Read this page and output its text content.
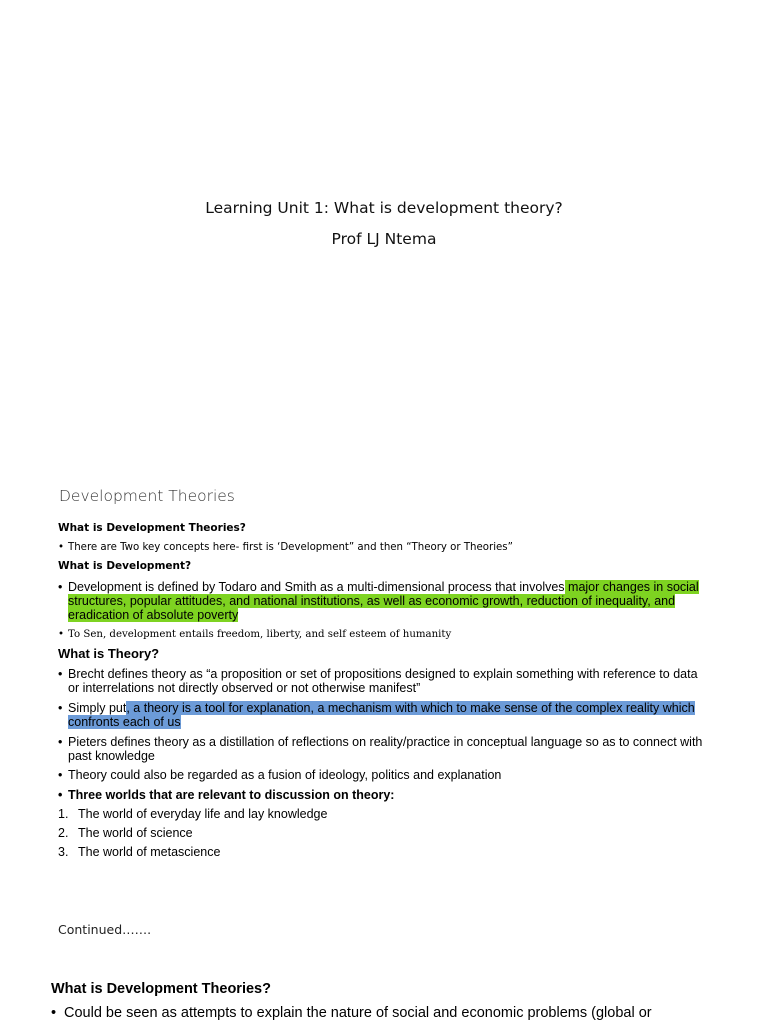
Learning Unit 1: What is development theory?
Prof LJ Ntema
Development Theories
What is Development Theories?
• There are Two key concepts here- first is ‘Development” and then “Theory or Theories”
What is Development?
• Development is defined by Todaro and Smith as a multi-dimensional process that involves major changes in social structures, popular attitudes, and national institutions, as well as economic growth, reduction of inequality, and eradication of absolute poverty
• To Sen, development entails freedom, liberty, and self esteem of humanity
What is Theory?
• Brecht defines theory as “a proposition or set of propositions designed to explain something with reference to data or interrelations not directly observed or not otherwise manifest”
• Simply put, a theory is a tool for explanation, a mechanism with which to make sense of the complex reality which confronts each of us
• Pieters defines theory as a distillation of reflections on reality/practice in conceptual language so as to connect with past knowledge
• Theory could also be regarded as a fusion of ideology, politics and explanation
• Three worlds that are relevant to discussion on theory:
1. The world of everyday life and lay knowledge
2. The world of science
3. The world of metascience
Continued…….
What is Development Theories?
• Could be seen as attempts to explain the nature of social and economic problems (global or
